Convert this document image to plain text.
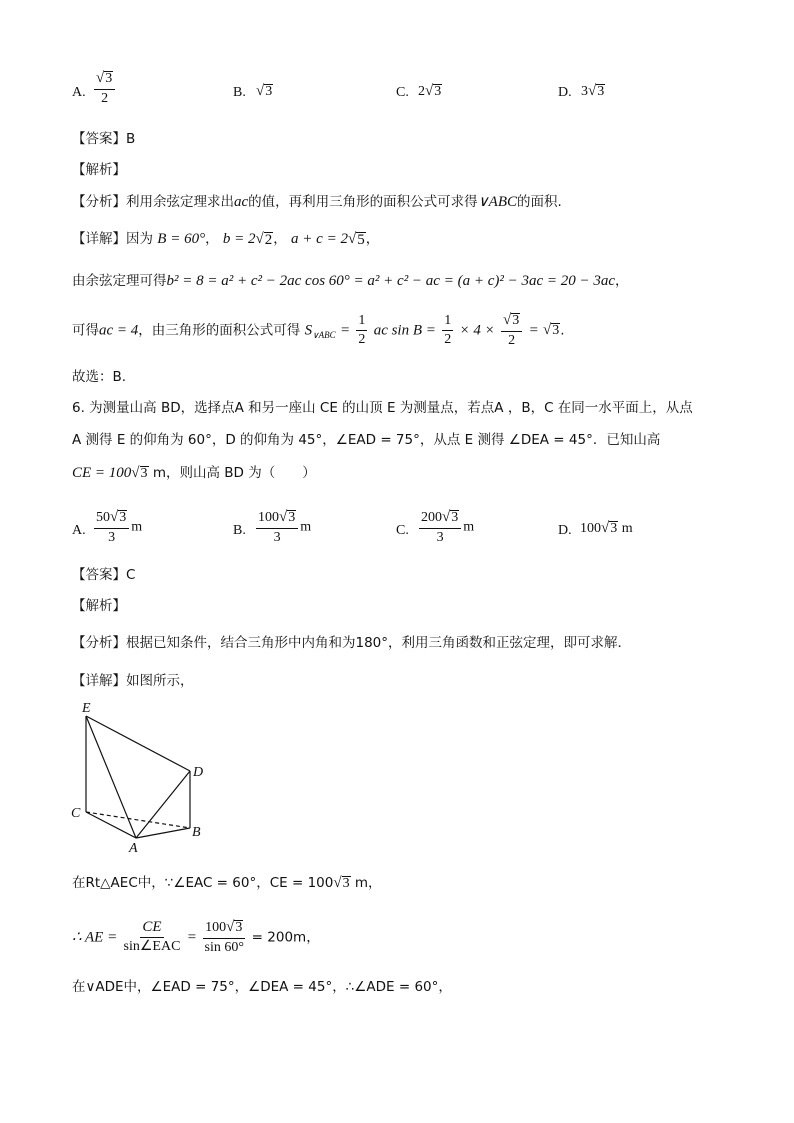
A. $\frac{√ 3}{2}$	B. √ 3	C. 2 √ 3	D. 3 √ 3
【答案】B
【解析】
【分析】利用余弦定理求出ac的值，再利用三角形的面积公式可求得∨ABC的面积.
【详解】因为 B = 60°， b = 2 √ 2 ， a + c = 2 √ 5 ，
由余弦定理可得b² = 8 = a² + c² − 2ac cos 60° = a² + c² − ac = (a + c)² − 3ac = 20 − 3ac，
可得ac = 4，由三角形的面积公式可得 $S_{\vee ABC} = \frac{1}{2}$ ac $\sin B = \frac{1}{2} \times 4 \times \frac{√ 3}{2}$ = √ 3 .
故选：B.
6. 为测量山高 BD，选择点A 和另一座山 CE 的山顶 E 为测量点，若点A ，B，C 在同一水平面上，从点
A 测得 E 的仰角为 60°，D 的仰角为 45°，∠EAD = 75°，从点 E 测得 ∠DEA = 45°．已知山高
CE = 100 √ 3 m，则山高 BD 为（　　）
A. $\frac{50 √ 3}{3}$ m	B. $\frac{100 √ 3}{3}$ m	C. $\frac{200 √ 3}{3}$ m	D. 100 √ 3 m
【答案】C
【解析】
【分析】根据已知条件，结合三角形中内角和为180°，利用三角函数和正弦定理，即可求解．
【详解】如图所示，
E
D
C
B
A
在Rt△AEC中，∵∠EAC = 60°，CE = 100 √ 3 m，
∴ AE = $\frac{CE}{\text{sin∠EAC}} = \frac{100 √ 3}{\sin 60^\circ} = 200m$，
在∨ADE中，∠EAD = 75°，∠DEA = 45°，∴∠ADE = 60°，
